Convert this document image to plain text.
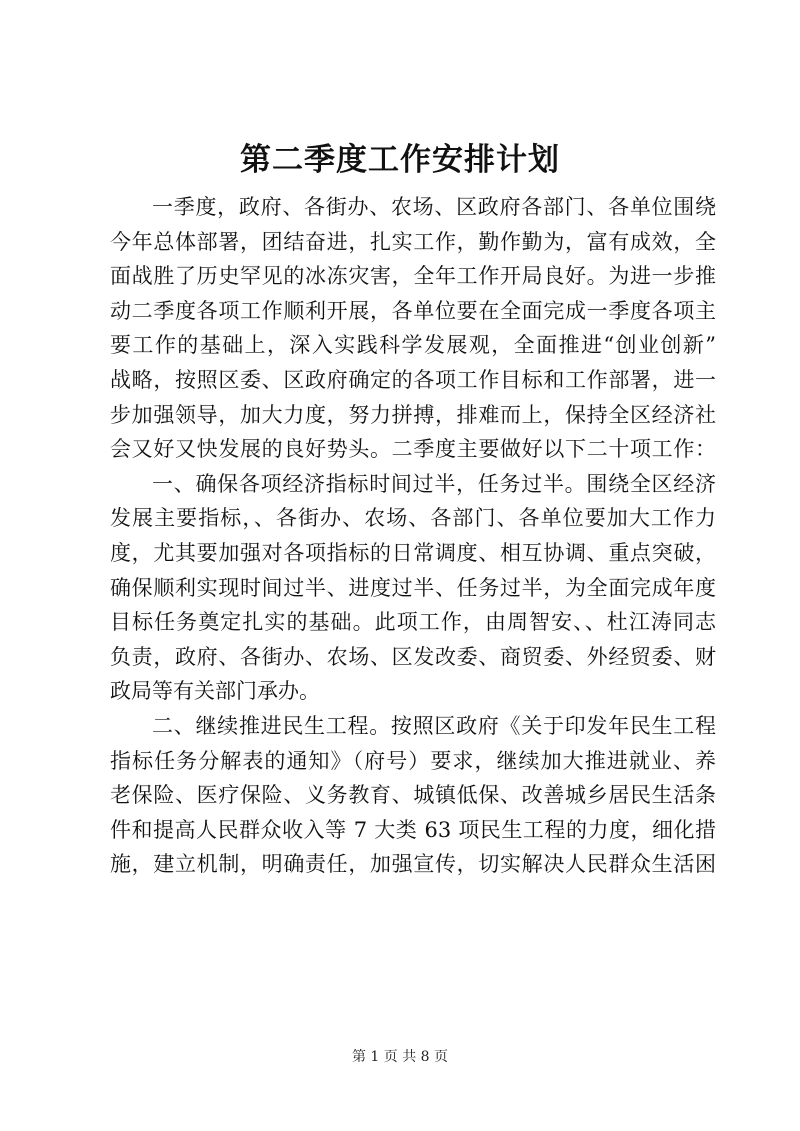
第二季度工作安排计划
一季度，政府、各街办、农场、区政府各部门、各单位围绕
今年总体部署，团结奋进，扎实工作，勤作勤为，富有成效，全
面战胜了历史罕见的冰冻灾害，全年工作开局良好。为进一步推
动二季度各项工作顺利开展，各单位要在全面完成一季度各项主
要工作的基础上，深入实践科学发展观，全面推进“创业创新”
战略，按照区委、区政府确定的各项工作目标和工作部署，进一
步加强领导，加大力度，努力拼搏，排难而上，保持全区经济社
会又好又快发展的良好势头。二季度主要做好以下二十项工作：
一、确保各项经济指标时间过半，任务过半。围绕全区经济
发展主要指标，、各街办、农场、各部门、各单位要加大工作力
度，尤其要加强对各项指标的日常调度、相互协调、重点突破，
确保顺利实现时间过半、进度过半、任务过半，为全面完成年度
目标任务奠定扎实的基础。此项工作，由周智安、、杜江涛同志
负责，政府、各街办、农场、区发改委、商贸委、外经贸委、财
政局等有关部门承办。
二、继续推进民生工程。按照区政府《关于印发年民生工程
指标任务分解表的通知》（府号）要求，继续加大推进就业、养
老保险、医疗保险、义务教育、城镇低保、改善城乡居民生活条
件和提高人民群众收入等 7 大类 63 项民生工程的力度，细化措
施，建立机制，明确责任，加强宣传，切实解决人民群众生活困
第 1 页 共 8 页
